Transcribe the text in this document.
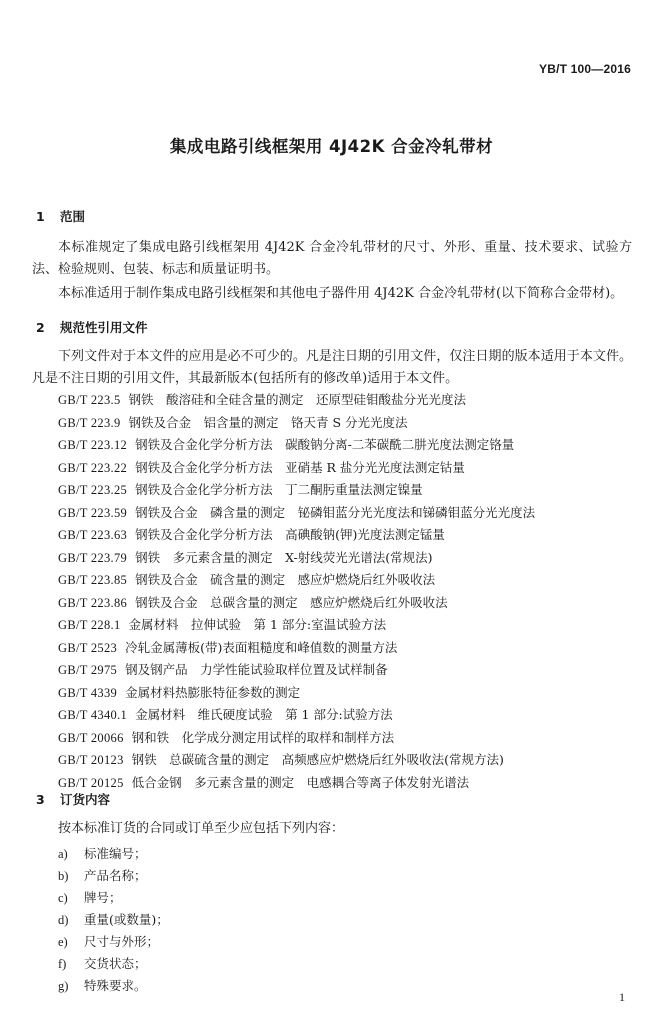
YB/T 100—2016
集成电路引线框架用 4J42K 合金冷轧带材
1 范围
本标准规定了集成电路引线框架用 4J42K 合金冷轧带材的尺寸、外形、重量、技术要求、试验方法、检验规则、包装、标志和质量证明书。
本标准适用于制作集成电路引线框架和其他电子器件用 4J42K 合金冷轧带材(以下简称合金带材)。
2 规范性引用文件
下列文件对于本文件的应用是必不可少的。凡是注日期的引用文件，仅注日期的版本适用于本文件。凡是不注日期的引用文件，其最新版本(包括所有的修改单)适用于本文件。
GB/T 223.5 钢铁　酸溶硅和全硅含量的测定　还原型硅钼酸盐分光光度法
GB/T 223.9 钢铁及合金　铝含量的测定　铬天青 S 分光光度法
GB/T 223.12 钢铁及合金化学分析方法　碳酸钠分离-二苯碳酰二肼光度法测定铬量
GB/T 223.22 钢铁及合金化学分析方法　亚硝基 R 盐分光光度法测定钴量
GB/T 223.25 钢铁及合金化学分析方法　丁二酮肟重量法测定镍量
GB/T 223.59 钢铁及合金　磷含量的测定　铋磷钼蓝分光光度法和锑磷钼蓝分光光度法
GB/T 223.63 钢铁及合金化学分析方法　高碘酸钠(钾)光度法测定锰量
GB/T 223.79 钢铁　多元素含量的测定　X-射线荧光光谱法(常规法)
GB/T 223.85 钢铁及合金　硫含量的测定　感应炉燃烧后红外吸收法
GB/T 223.86 钢铁及合金　总碳含量的测定　感应炉燃烧后红外吸收法
GB/T 228.1 金属材料　拉伸试验　第 1 部分:室温试验方法
GB/T 2523 冷轧金属薄板(带)表面粗糙度和峰值数的测量方法
GB/T 2975 钢及钢产品　力学性能试验取样位置及试样制备
GB/T 4339 金属材料热膨胀特征参数的测定
GB/T 4340.1 金属材料　维氏硬度试验　第 1 部分:试验方法
GB/T 20066 钢和铁　化学成分测定用试样的取样和制样方法
GB/T 20123 钢铁　总碳硫含量的测定　高频感应炉燃烧后红外吸收法(常规方法)
GB/T 20125 低合金钢　多元素含量的测定　电感耦合等离子体发射光谱法
3 订货内容
按本标准订货的合同或订单至少应包括下列内容：
a) 标准编号；
b) 产品名称；
c) 牌号；
d) 重量(或数量)；
e) 尺寸与外形；
f) 交货状态；
g) 特殊要求。
1
